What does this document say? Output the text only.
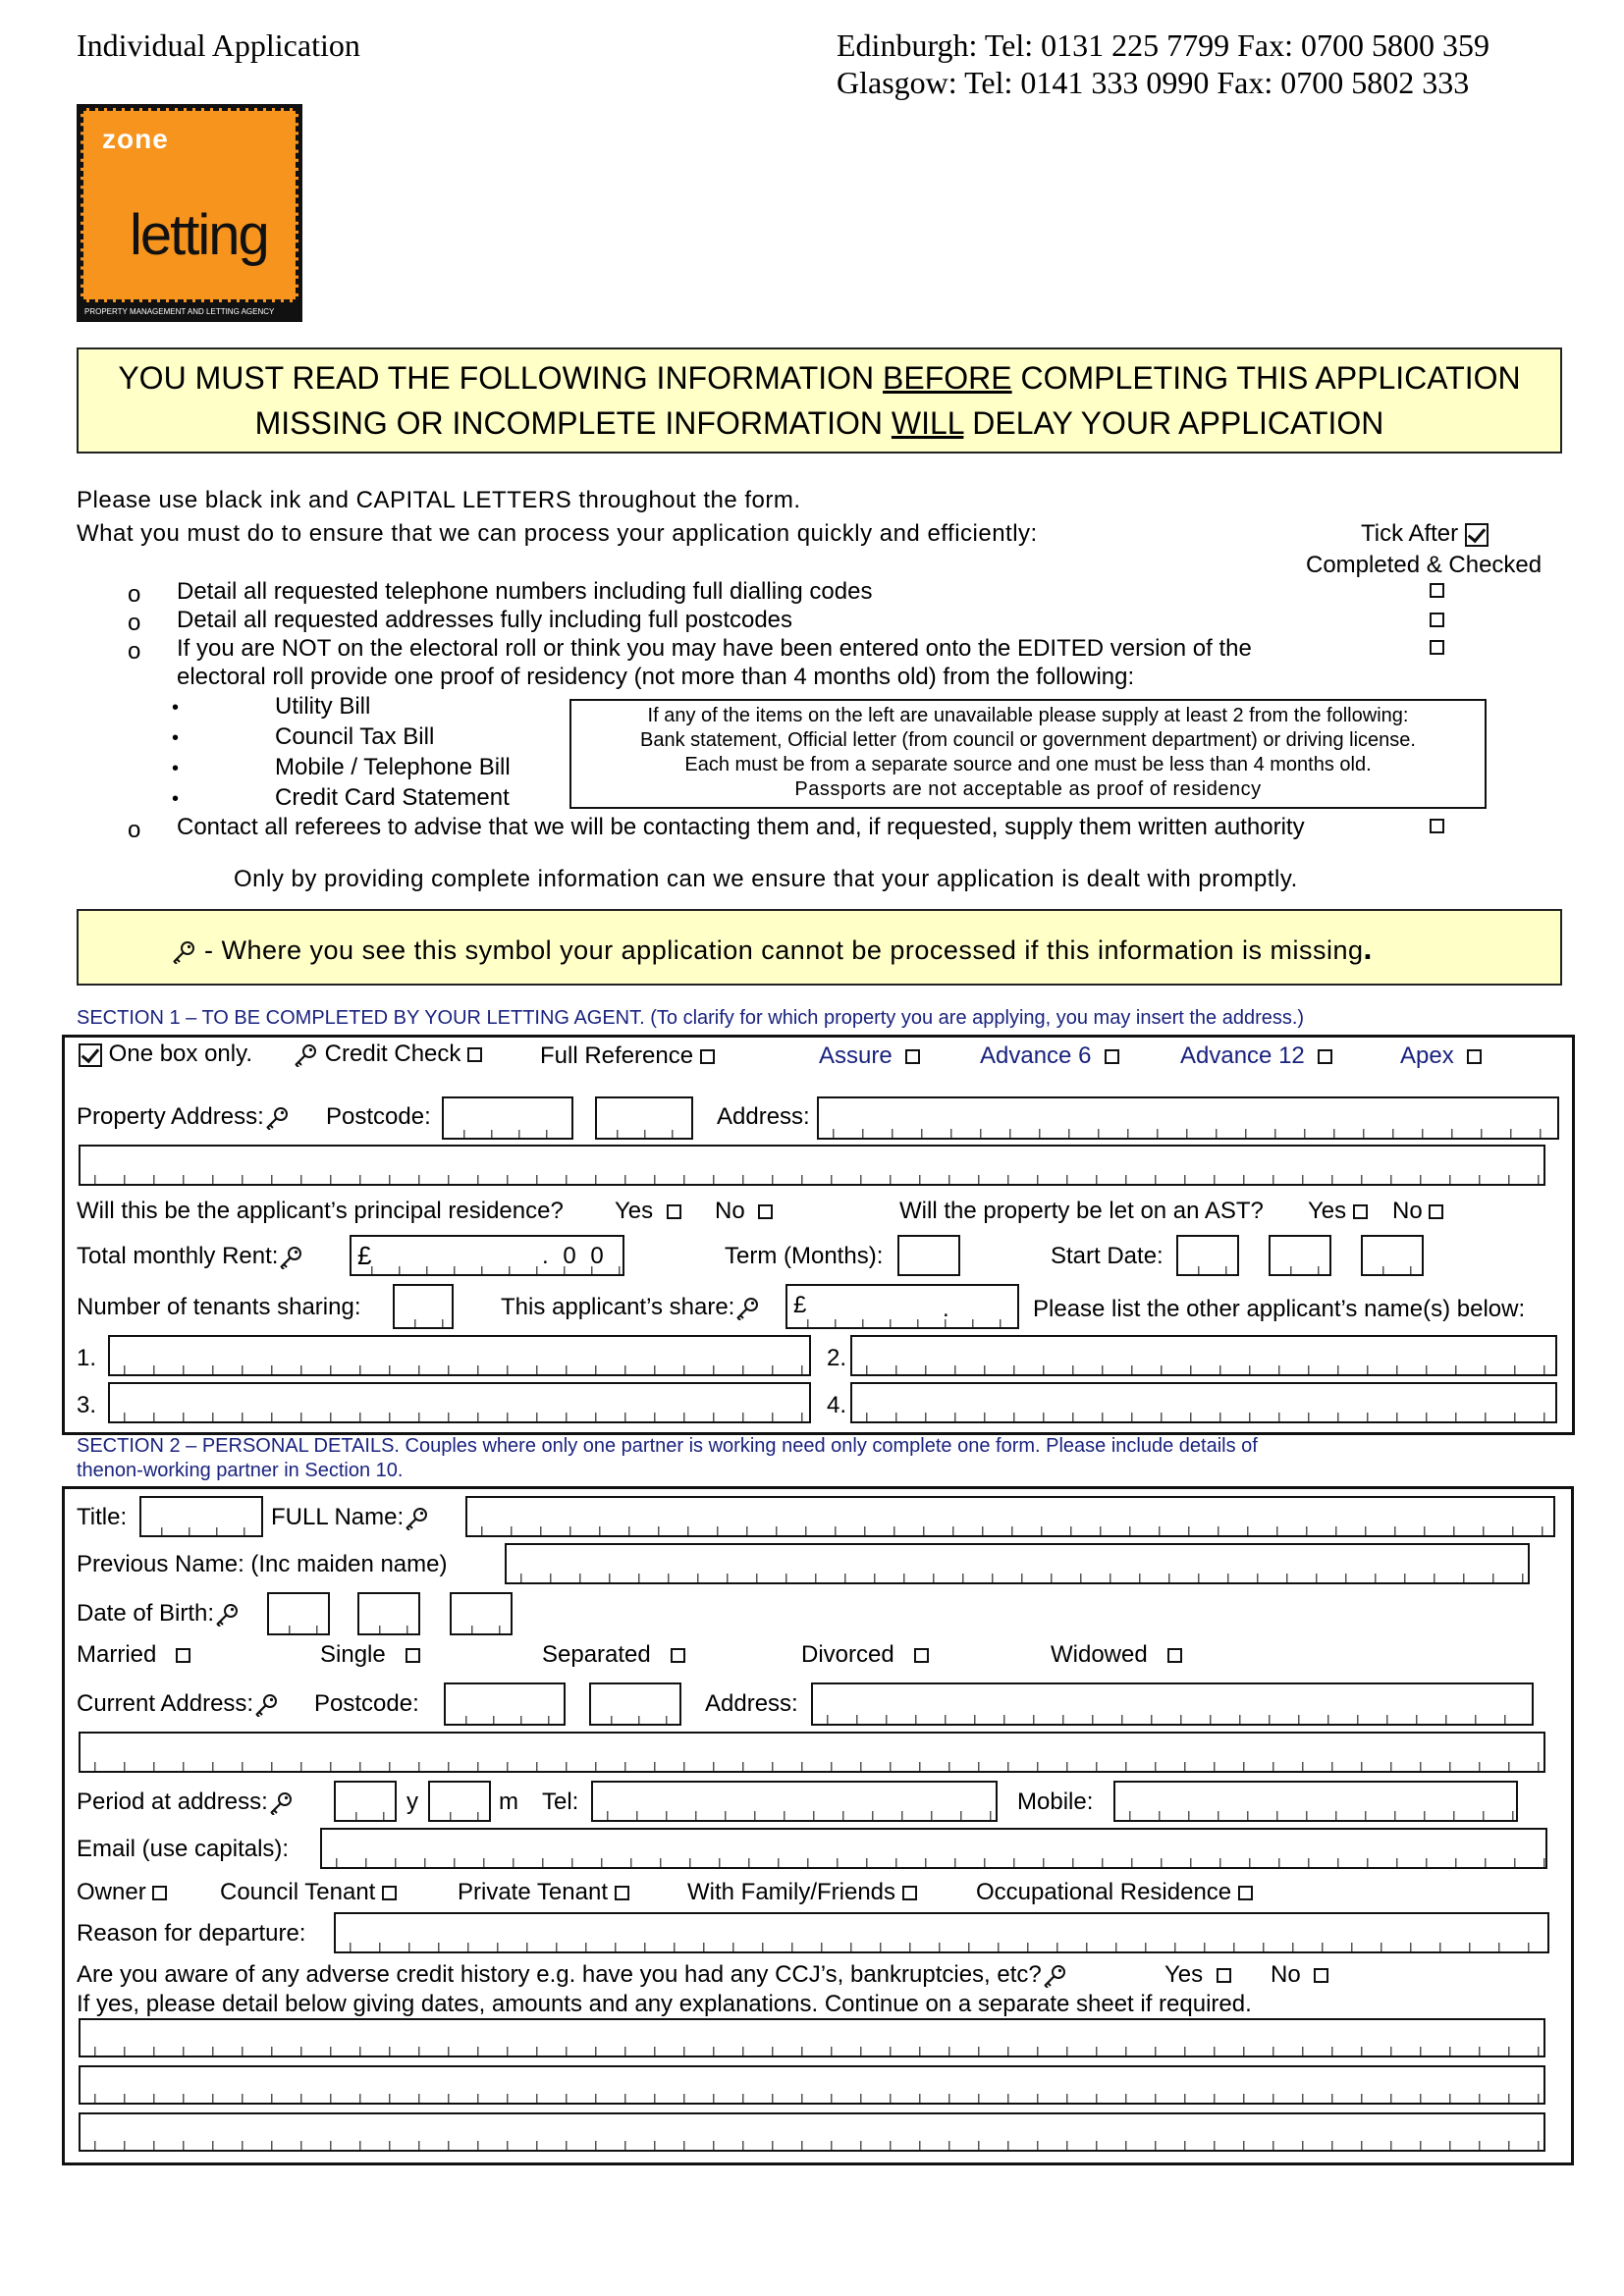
Individual Application	Edinburgh: Tel: 0131 225 7799 Fax: 0700 5800 359
Glasgow: Tel: 0141 333 0990 Fax: 0700 5802 333
zone
letting
PROPERTY MANAGEMENT AND LETTING AGENCY
YOU MUST READ THE FOLLOWING INFORMATION BEFORE COMPLETING THIS APPLICATION
MISSING OR INCOMPLETE INFORMATION WILL DELAY YOUR APPLICATION
Please use black ink and CAPITAL LETTERS throughout the form.
What you must do to ensure that we can process your application quickly and efficiently:	Tick After
Completed & Checked
o Detail all requested telephone numbers including full dialling codes
o Detail all requested addresses fully including full postcodes
o If you are NOT on the electoral roll or think you may have been entered onto the EDITED version of the
electoral roll provide one proof of residency (not more than 4 months old) from the following:
•	Utility Bill
•	Council Tax Bill
•	Mobile / Telephone Bill
•	Credit Card Statement
If any of the items on the left are unavailable please supply at least 2 from the following:
Bank statement, Official letter (from council or government department) or driving license.
Each must be from a separate source and one must be less than 4 months old.
Passports are not acceptable as proof of residency
o Contact all referees to advise that we will be contacting them and, if requested, supply them written authority
Only by providing complete information can we ensure that your application is dealt with promptly.
- Where you see this symbol your application cannot be processed if this information is missing.
SECTION 1 – TO BE COMPLETED BY YOUR LETTING AGENT. (To clarify for which property you are applying, you may insert the address.)
One box only.	Credit Check	Full Reference	Assure	Advance 6	Advance 12	Apex
Property Address:	Postcode:	Address:
Will this be the applicant’s principal residence? Yes	No	Will the property be let on an AST? Yes	No
Total monthly Rent:	£	. 0 0	Term (Months):	Start Date:
Number of tenants sharing:	This applicant’s share:	£	.	Please list the other applicant’s name(s) below:
1.	2.
3.	4.
SECTION 2 – PERSONAL DETAILS. Couples where only one partner is working need only complete one form. Please include details of
thenon-working partner in Section 10.
Title:	FULL Name:
Previous Name: (Inc maiden name)
Date of Birth:
Married	Single	Separated	Divorced	Widowed
Current Address:	Postcode:	Address:
Period at address:	y	m Tel:	Mobile:
Email (use capitals):
Owner	Council Tenant	Private Tenant	With Family/Friends	Occupational Residence
Reason for departure:
Are you aware of any adverse credit history e.g. have you had any CCJ’s, bankruptcies, etc?	Yes	No
If yes, please detail below giving dates, amounts and any explanations. Continue on a separate sheet if required.
